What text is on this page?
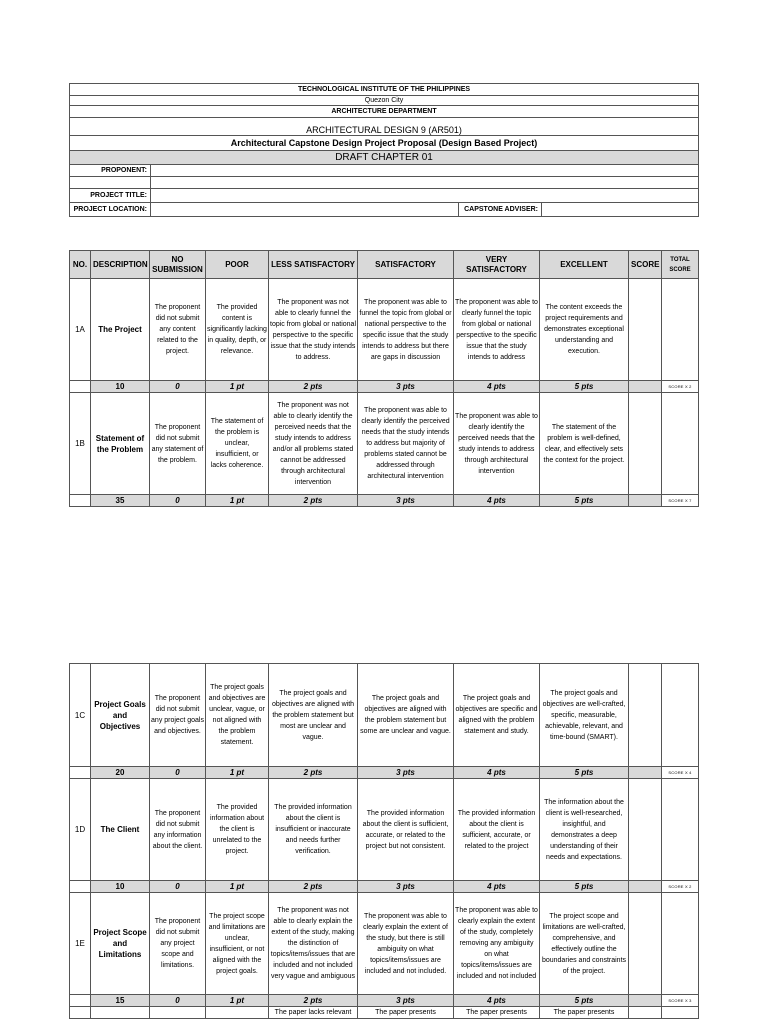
TECHNOLOGICAL INSTITUTE OF THE PHILIPPINES			
Quezon City			
ARCHITECTURE DEPARTMENT			
ARCHITECTURAL DESIGN 9 (AR501)			
Architectural Capstone Design Project Proposal (Design Based Project)			
DRAFT CHAPTER 01			
PROPONENT:			

PROJECT TITLE:			
PROJECT LOCATION:		CAPSTONE ADVISER:	
NO.	DESCRIPTION	NO SUBMISSION	POOR	LESS SATISFACTORY	SATISFACTORY	VERY SATISFACTORY	EXCELLENT	SCORE	TOTAL SCORE
1A	The Project	The proponent did not submit any content related to the project.	The provided content is significantly lacking in quality, depth, or relevance.	The proponent was not able to clearly funnel the topic from global or national perspective to the specific issue that the study intends to address.	The proponent was able to funnel the topic from global or national perspective to the specific issue that the study intends to address but there are gaps in discussion	The proponent was able to clearly funnel the topic from global or national perspective to the specific issue that the study intends to address	The content exceeds the project requirements and demonstrates exceptional understanding and execution.		
	10	0	1 pt	2 pts	3 pts	4 pts	5 pts		SCORE X 2
1B	Statement of the Problem	The proponent did not submit any statement of the problem.	The statement of the problem is unclear, insufficient, or lacks coherence.	The proponent was not able to clearly identify the perceived needs that the study intends to address and/or all problems stated cannot be addressed through architectural intervention	The proponent was able to clearly identify the perceived needs that the study intends to address but majority of problems stated cannot be addressed through architectural intervention	The proponent was able to clearly identify the perceived needs that the study intends to address through architectural intervention	The statement of the problem is well-defined, clear, and effectively sets the context for the project.		
	35	0	1 pt	2 pts	3 pts	4 pts	5 pts		SCORE X 7
1C	Project Goals and Objectives	The proponent did not submit any project goals and objectives.	The project goals and objectives are unclear, vague, or not aligned with the problem statement.	The project goals and objectives are aligned with the problem statement but most are unclear and vague.	The project goals and objectives are aligned with the problem statement but some are unclear and vague.	The project goals and objectives are specific and aligned with the problem statement and study.	The project goals and objectives are well-crafted, specific, measurable, achievable, relevant, and time-bound (SMART).		
	20	0	1 pt	2 pts	3 pts	4 pts	5 pts		SCORE X 4
1D	The Client	The proponent did not submit any information about the client.	The provided information about the client is unrelated to the project.	The provided information about the client is insufficient or inaccurate and needs further verification.	The provided information about the client is sufficient, accurate, or related to the project but not consistent.	The provided information about the client is sufficient, accurate, or related to the project	The information about the client is well-researched, insightful, and demonstrates a deep understanding of their needs and expectations.		
	10	0	1 pt	2 pts	3 pts	4 pts	5 pts		SCORE X 2
1E	Project Scope and Limitations	The proponent did not submit any project scope and limitations.	The project scope and limitations are unclear, insufficient, or not aligned with the project goals.	The proponent was not able to clearly explain the extent of the study, making the distinction of topics/items/issues that are included and not included very vague and ambiguous	The proponent was able to clearly explain the extent of the study, but there is still ambiguity on what topics/items/issues are included and not included.	The proponent was able to clearly explain the extent of the study, completely removing any ambiguity on what topics/items/issues are included and not included	The project scope and limitations are well-crafted, comprehensive, and effectively outline the boundaries and constraints of the project.		
	15	0	1 pt	2 pts	3 pts	4 pts	5 pts		SCORE X 3
				The paper lacks relevant	The paper presents	The paper presents	The paper presents		
